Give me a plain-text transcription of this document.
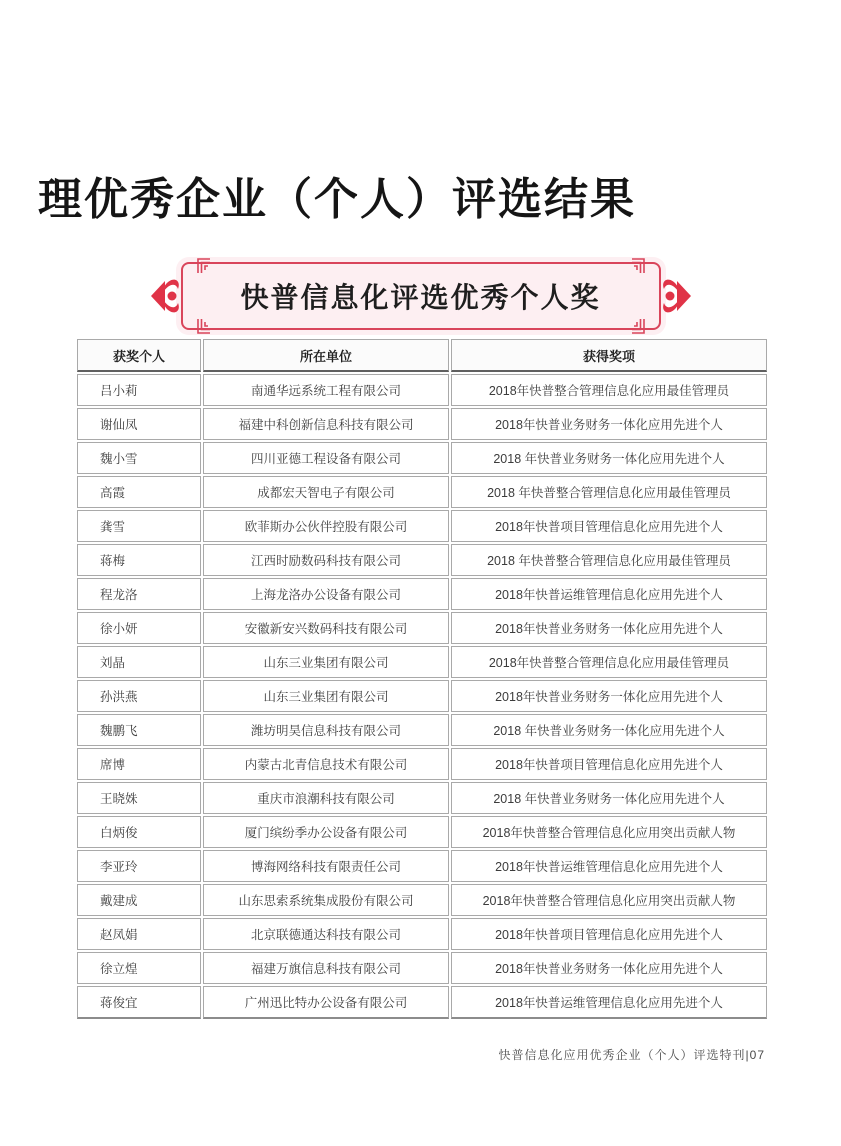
理优秀企业（个人）评选结果
快普信息化评选优秀个人奖
获奖个人	所在单位	获得奖项
吕小莉	南通华远系统工程有限公司	2018年快普整合管理信息化应用最佳管理员
谢仙凤	福建中科创新信息科技有限公司	2018年快普业务财务一体化应用先进个人
魏小雪	四川亚德工程设备有限公司	2018 年快普业务财务一体化应用先进个人
高霞	成都宏天智电子有限公司	2018 年快普整合管理信息化应用最佳管理员
龚雪	欧菲斯办公伙伴控股有限公司	2018年快普项目管理信息化应用先进个人
蒋梅	江西时励数码科技有限公司	2018 年快普整合管理信息化应用最佳管理员
程龙洛	上海龙洛办公设备有限公司	2018年快普运维管理信息化应用先进个人
徐小妍	安徽新安兴数码科技有限公司	2018年快普业务财务一体化应用先进个人
刘晶	山东三业集团有限公司	2018年快普整合管理信息化应用最佳管理员
孙洪燕	山东三业集团有限公司	2018年快普业务财务一体化应用先进个人
魏鹏飞	潍坊明昊信息科技有限公司	2018 年快普业务财务一体化应用先进个人
席博	内蒙古北青信息技术有限公司	2018年快普项目管理信息化应用先进个人
王晓姝	重庆市浪潮科技有限公司	2018 年快普业务财务一体化应用先进个人
白炳俊	厦门缤纷季办公设备有限公司	2018年快普整合管理信息化应用突出贡献人物
李亚玲	博海网络科技有限责任公司	2018年快普运维管理信息化应用先进个人
戴建成	山东思索系统集成股份有限公司	2018年快普整合管理信息化应用突出贡献人物
赵凤娟	北京联德通达科技有限公司	2018年快普项目管理信息化应用先进个人
徐立煌	福建万旗信息科技有限公司	2018年快普业务财务一体化应用先进个人
蒋俊宜	广州迅比特办公设备有限公司	2018年快普运维管理信息化应用先进个人
快普信息化应用优秀企业（个人）评选特刊|07
